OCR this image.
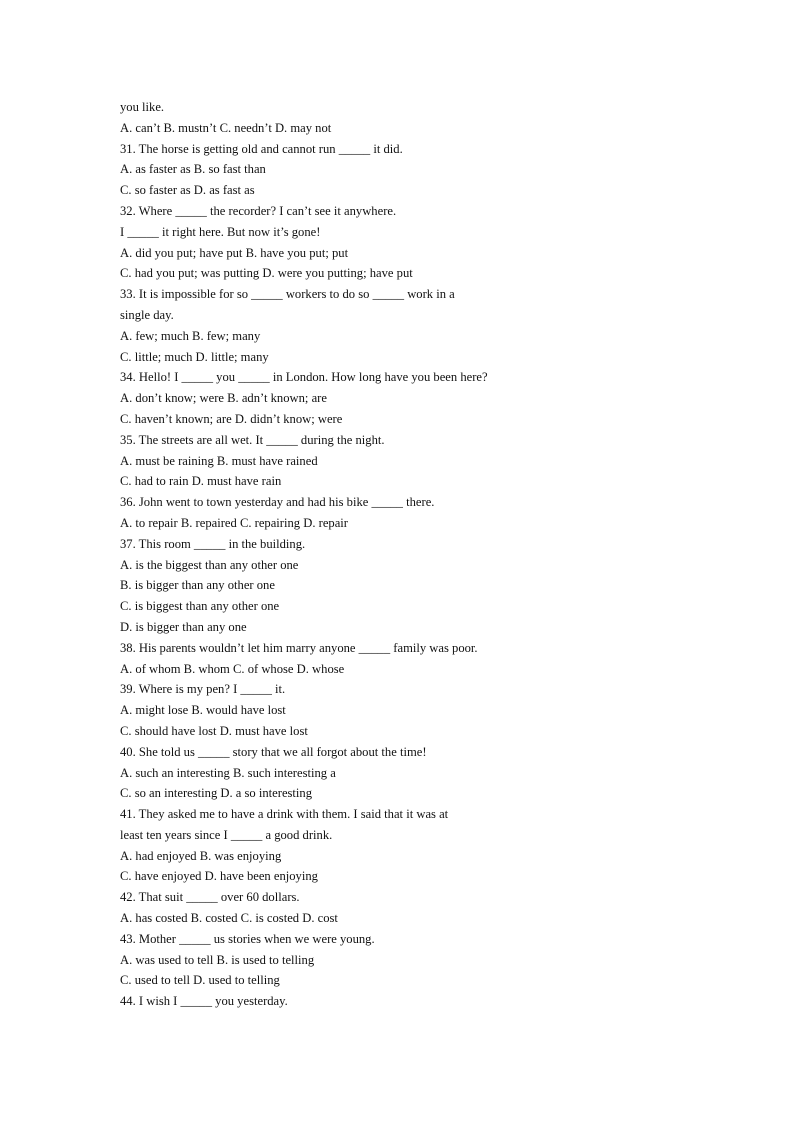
you like.
A. can’t B. mustn’t C. needn’t D. may not
31. The horse is getting old and cannot run _____ it did.
A. as faster as B. so fast than
C. so faster as D. as fast as
32. Where _____ the recorder? I can’t see it anywhere.
I _____ it right here. But now it’s gone!
A. did you put; have put B. have you put; put
C. had you put; was putting D. were you putting; have put
33. It is impossible for so _____ workers to do so _____ work in a
single day.
A. few; much B. few; many
C. little; much D. little; many
34. Hello! I _____ you _____ in London. How long have you been here?
A. don’t know; were B. adn’t known; are
C. haven’t known; are D. didn’t know; were
35. The streets are all wet. It _____ during the night.
A. must be raining B. must have rained
C. had to rain D. must have rain
36. John went to town yesterday and had his bike _____ there.
A. to repair B. repaired C. repairing D. repair
37. This room _____ in the building.
A. is the biggest than any other one
B. is bigger than any other one
C. is biggest than any other one
D. is bigger than any one
38. His parents wouldn’t let him marry anyone _____ family was poor.
A. of whom B. whom C. of whose D. whose
39. Where is my pen? I _____ it.
A. might lose B. would have lost
C. should have lost D. must have lost
40. She told us _____ story that we all forgot about the time!
A. such an interesting B. such interesting a
C. so an interesting D. a so interesting
41. They asked me to have a drink with them. I said that it was at
least ten years since I _____ a good drink.
A. had enjoyed B. was enjoying
C. have enjoyed D. have been enjoying
42. That suit _____ over 60 dollars.
A. has costed B. costed C. is costed D. cost
43. Mother _____ us stories when we were young.
A. was used to tell B. is used to telling
C. used to tell D. used to telling
44. I wish I _____ you yesterday.
